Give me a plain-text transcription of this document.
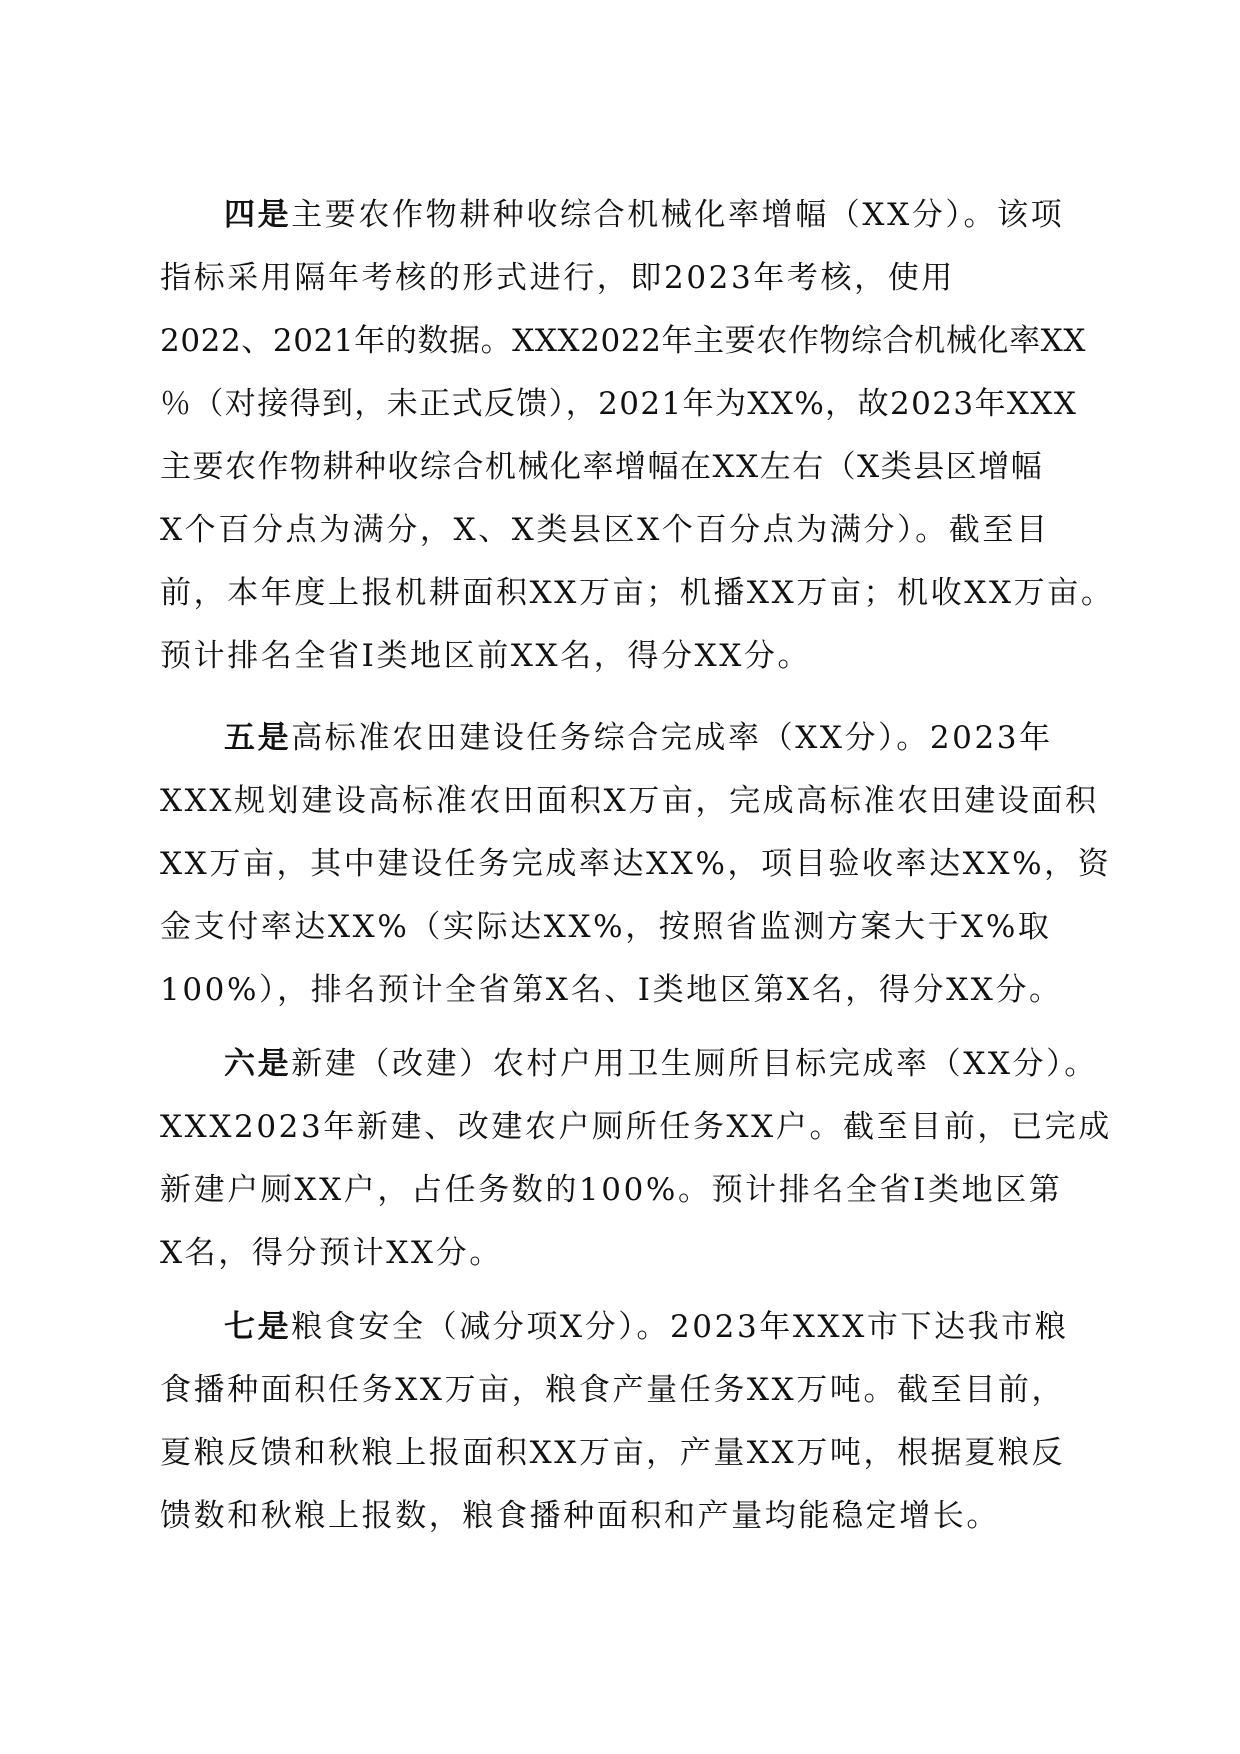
四是主要农作物耕种收综合机械化率增幅（XX分）。该项
指标采用隔年考核的形式进行，即2023年考核，使用
2022、2021年的数据。XXX2022年主要农作物综合机械化率XX
％（对接得到，未正式反馈），2021年为XX%，故2023年XXX
主要农作物耕种收综合机械化率增幅在XX左右（X类县区增幅
X个百分点为满分，X、X类县区X个百分点为满分）。截至目
前，本年度上报机耕面积XX万亩；机播XX万亩；机收XX万亩。
预计排名全省Ⅰ类地区前XX名，得分XX分。
五是高标准农田建设任务综合完成率（XX分）。2023年
XXX规划建设高标准农田面积X万亩，完成高标准农田建设面积
XX万亩，其中建设任务完成率达XX%，项目验收率达XX%，资
金支付率达XX%（实际达XX%，按照省监测方案大于X%取
100%），排名预计全省第X名、Ⅰ类地区第X名，得分XX分。
六是新建（改建）农村户用卫生厕所目标完成率（XX分）。
XXX2023年新建、改建农户厕所任务XX户。截至目前，已完成
新建户厕XX户，占任务数的100%。预计排名全省Ⅰ类地区第
X名，得分预计XX分。
七是粮食安全（减分项X分）。2023年XXX市下达我市粮
食播种面积任务XX万亩，粮食产量任务XX万吨。截至目前，
夏粮反馈和秋粮上报面积XX万亩，产量XX万吨，根据夏粮反
馈数和秋粮上报数，粮食播种面积和产量均能稳定增长。
